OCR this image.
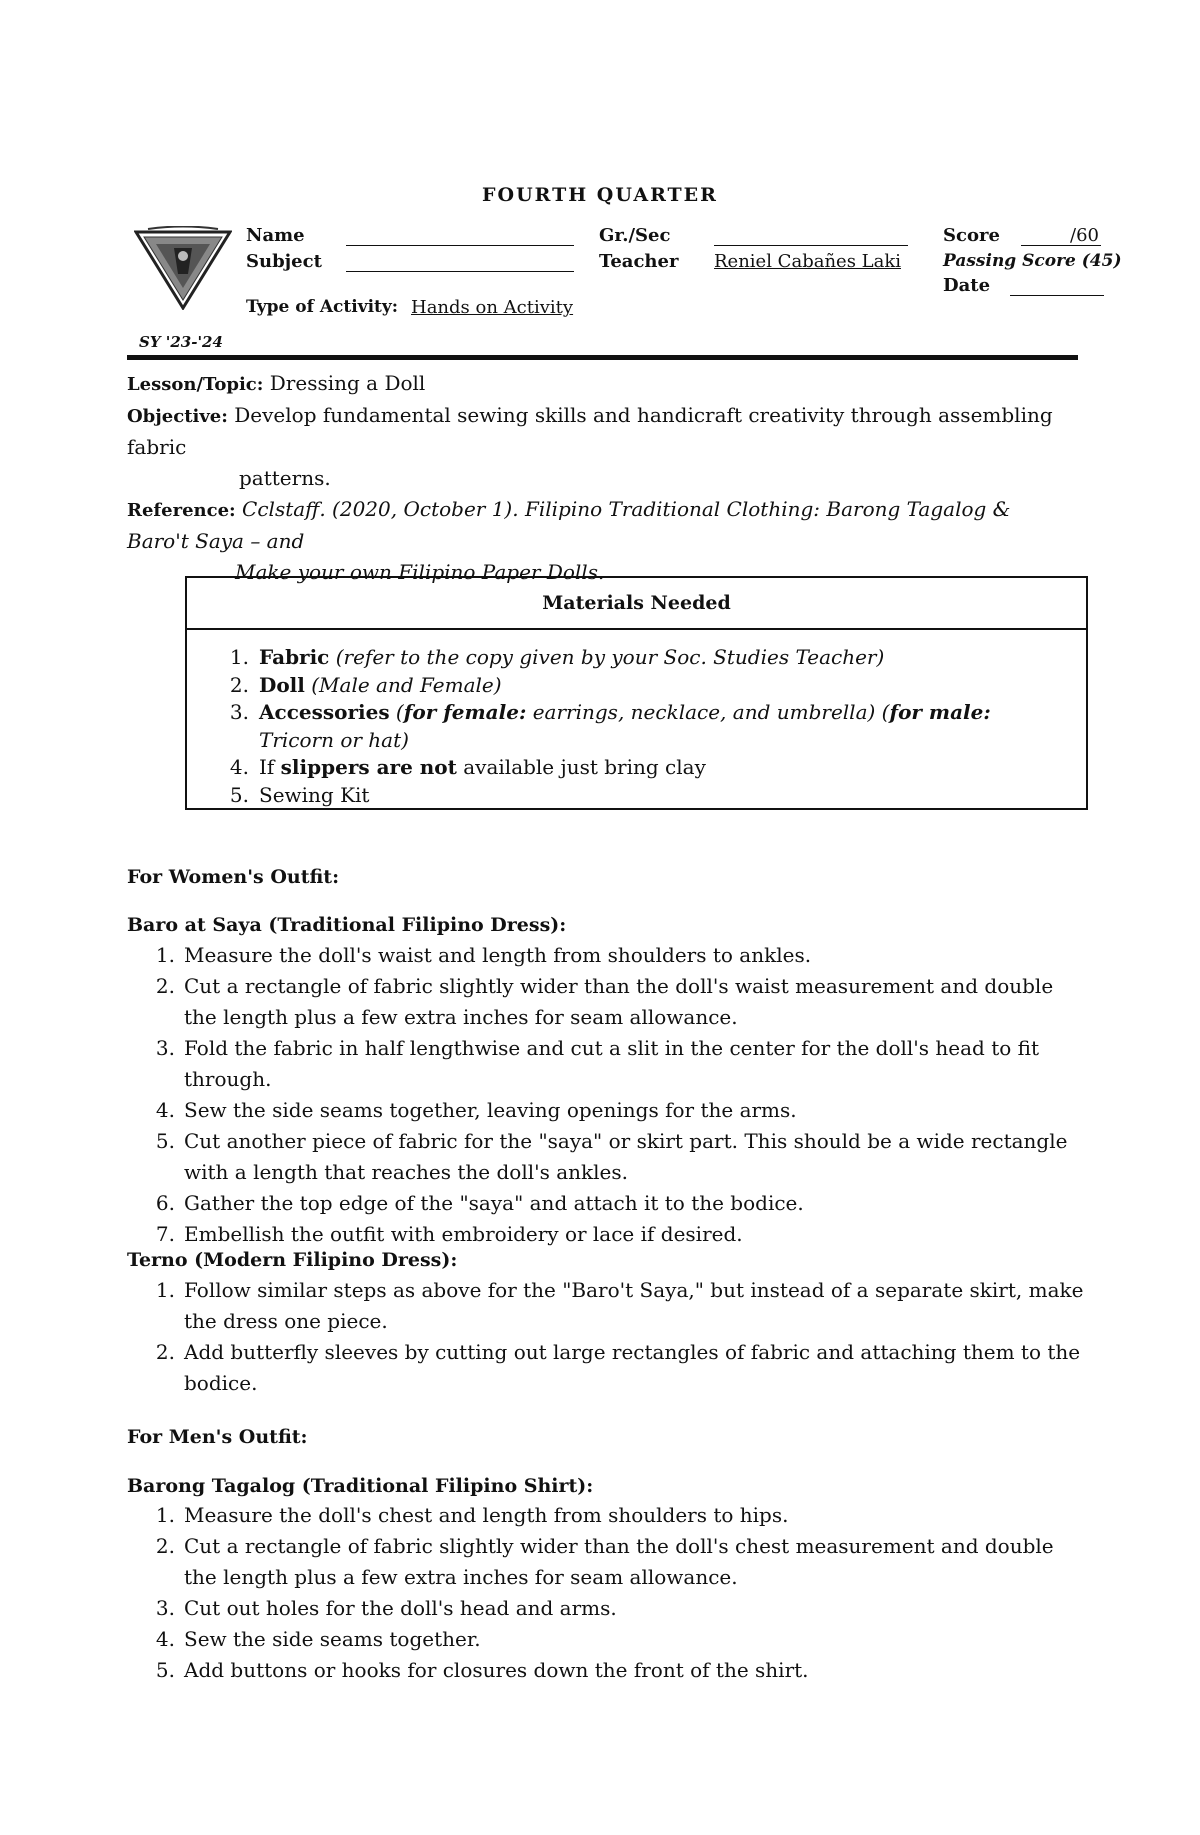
FOURTH QUARTER
SY '23-'24
Name
Subject
Gr./Sec
Teacher Reniel Cabañes Laki
Score	/60
Passing Score (45)
Date
Type of Activity: Hands on Activity
Lesson/Topic: Dressing a Doll
Objective: Develop fundamental sewing skills and handicraft creativity through assembling fabric
patterns.
Reference: Cclstaff. (2020, October 1). Filipino Traditional Clothing: Barong Tagalog & Baro't Saya – and
Make your own Filipino Paper Dolls.
Materials Needed
1. Fabric (refer to the copy given by your Soc. Studies Teacher)
2. Doll (Male and Female)
3. Accessories (for female: earrings, necklace, and umbrella) (for male: Tricorn or hat)
4. If slippers are not available just bring clay
5. Sewing Kit
For Women's Outfit:
Baro at Saya (Traditional Filipino Dress):
1. Measure the doll's waist and length from shoulders to ankles.
2. Cut a rectangle of fabric slightly wider than the doll's waist measurement and double the length plus a few extra inches for seam allowance.
3. Fold the fabric in half lengthwise and cut a slit in the center for the doll's head to fit through.
4. Sew the side seams together, leaving openings for the arms.
5. Cut another piece of fabric for the "saya" or skirt part. This should be a wide rectangle with a length that reaches the doll's ankles.
6. Gather the top edge of the "saya" and attach it to the bodice.
7. Embellish the outfit with embroidery or lace if desired.
Terno (Modern Filipino Dress):
1. Follow similar steps as above for the "Baro't Saya," but instead of a separate skirt, make the dress one piece.
2. Add butterfly sleeves by cutting out large rectangles of fabric and attaching them to the bodice.
For Men's Outfit:
Barong Tagalog (Traditional Filipino Shirt):
1. Measure the doll's chest and length from shoulders to hips.
2. Cut a rectangle of fabric slightly wider than the doll's chest measurement and double the length plus a few extra inches for seam allowance.
3. Cut out holes for the doll's head and arms.
4. Sew the side seams together.
5. Add buttons or hooks for closures down the front of the shirt.
